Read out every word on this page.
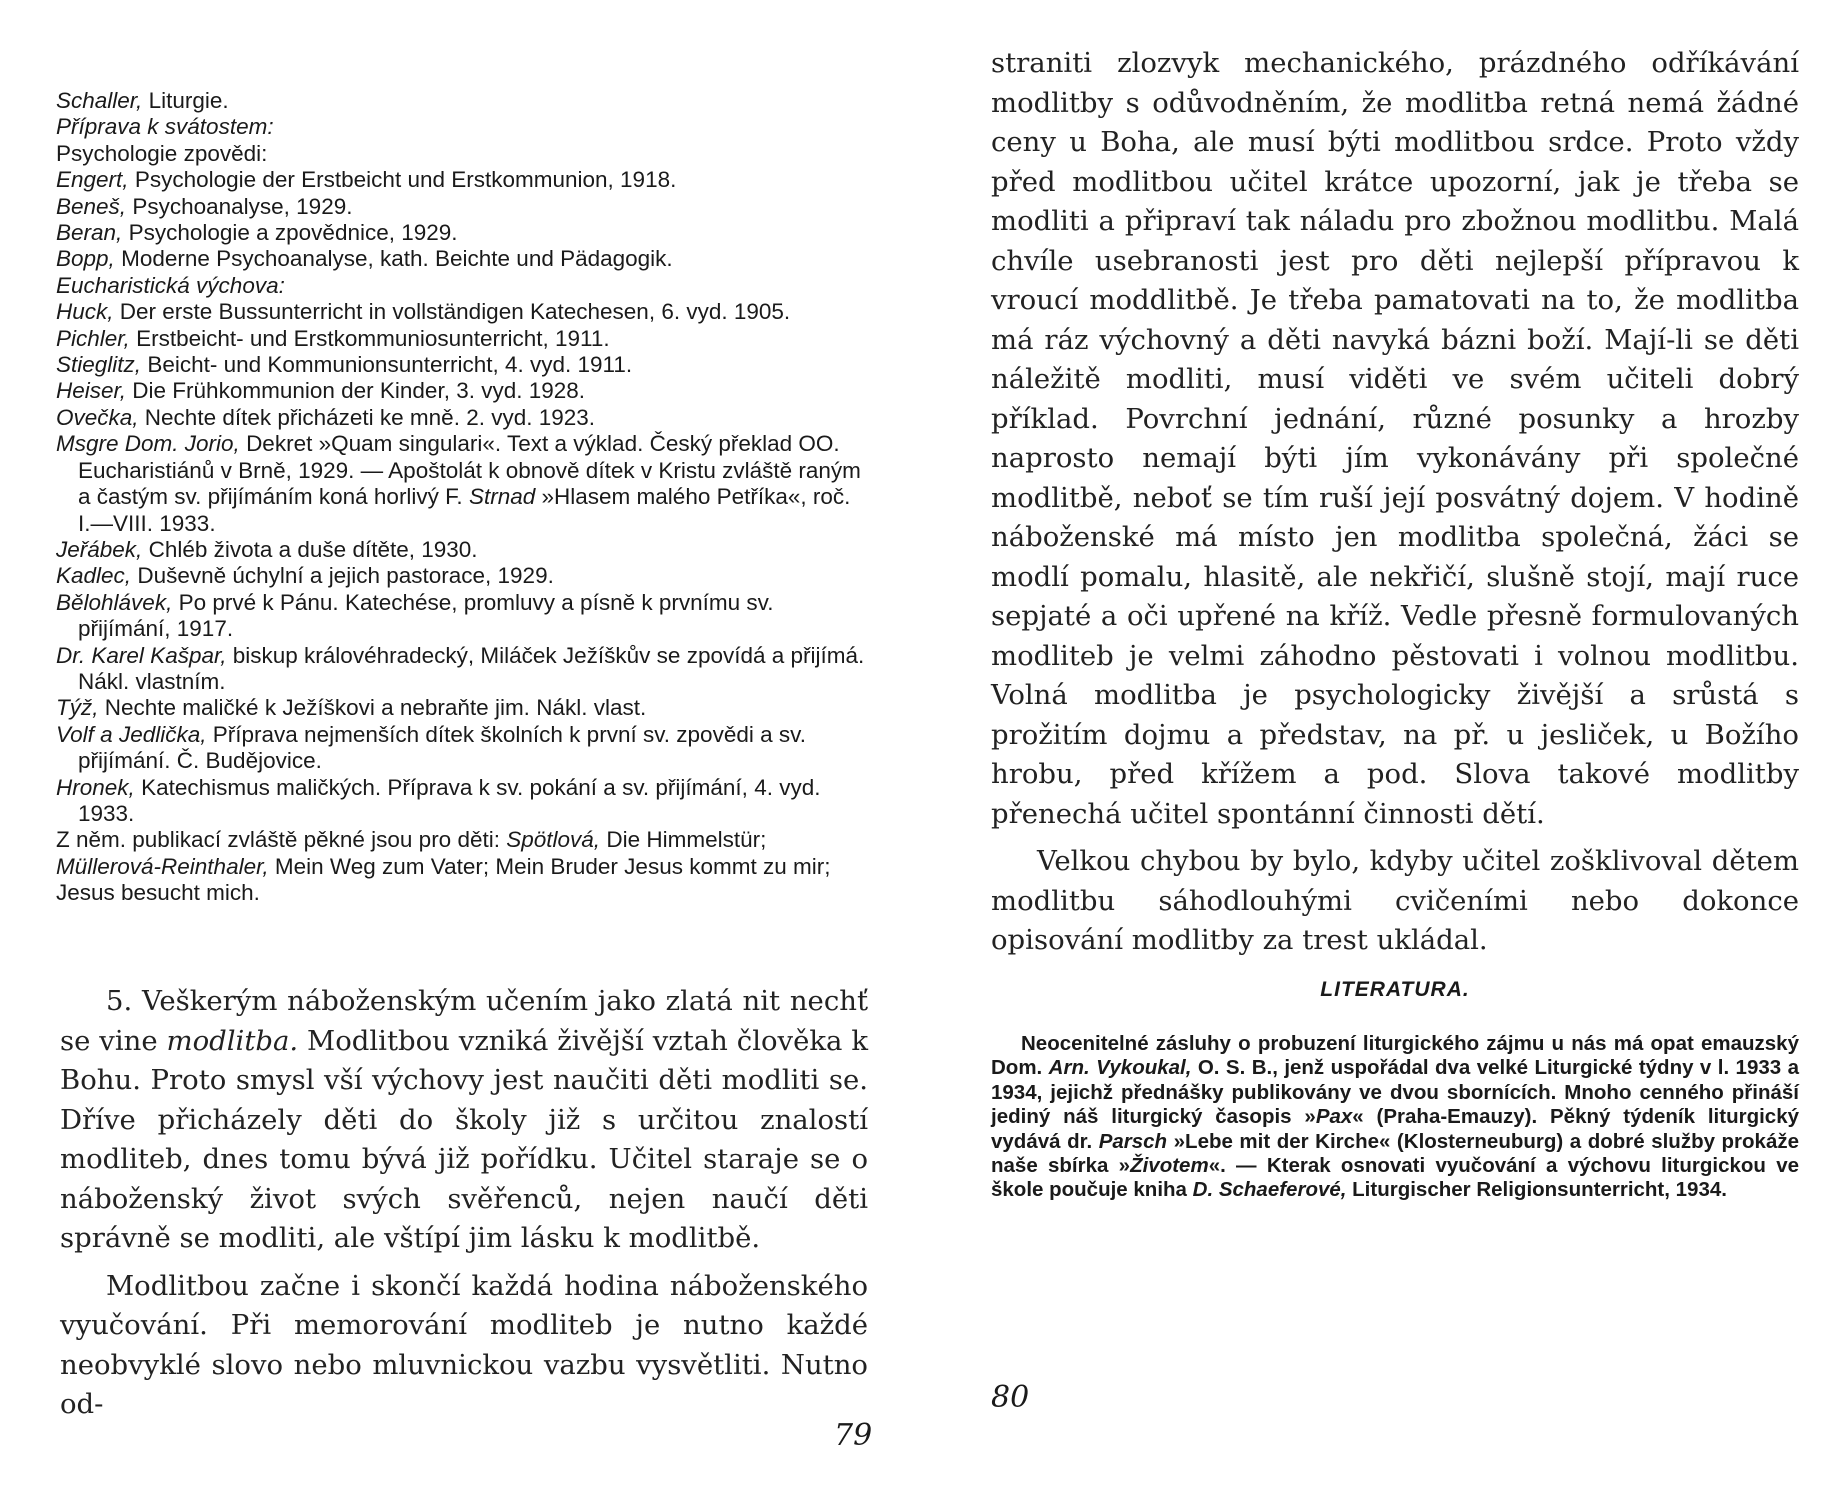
Schaller, Liturgie.

Příprava k svátostem:

Psychologie zpovědi:

Engert, Psychologie der Erstbeicht und Erstkommunion, 1918.

Beneš, Psychoanalyse, 1929.

Beran, Psychologie a zpovědnice, 1929.

Bopp, Moderne Psychoanalyse, kath. Beichte und Pädagogik.

Eucharistická výchova:

Huck, Der erste Bussunterricht in vollständigen Katechesen, 6. vyd. 1905.

Pichler, Erstbeicht- und Erstkommuniosunterricht, 1911.

Stieglitz, Beicht- und Kommunionsunterricht, 4. vyd. 1911.

Heiser, Die Frühkommunion der Kinder, 3. vyd. 1928.

Ovečka, Nechte dítek přicházeti ke mně. 2. vyd. 1923.

Msgre Dom. Jorio, Dekret »Quam singulari«. Text a výklad. Český překlad OO. Eucharistiánů v Brně, 1929. — Apoštolát k obnově dítek v Kristu zvláště raným a častým sv. přijímáním koná horlivý F. Strnad »Hlasem malého Petříka«, roč. I.—VIII. 1933.

Jeřábek, Chléb života a duše dítěte, 1930.

Kadlec, Duševně úchylní a jejich pastorace, 1929.

Bělohlávek, Po prvé k Pánu. Katechése, promluvy a písně k prvnímu sv. přijímání, 1917.

Dr. Karel Kašpar, biskup královéhradecký, Miláček Ježíškův se zpovídá a přijímá. Nákl. vlastním.

Týž, Nechte maličké k Ježíškovi a nebraňte jim. Nákl. vlast.

Volf a Jedlička, Příprava nejmenších dítek školních k první sv. zpovědi a sv. přijímání. Č. Budějovice.

Hronek, Katechismus maličkých. Příprava k sv. pokání a sv. přijímání, 4. vyd. 1933.

Z něm. publikací zvláště pěkné jsou pro děti: Spötlová, Die Himmelstür; Müllerová-Reinthaler, Mein Weg zum Vater; Mein Bruder Jesus kommt zu mir; Jesus besucht mich.

5. Veškerým náboženským učením jako zlatá nit nechť se vine modlitba. Modlitbou vzniká živější vztah člověka k Bohu. Proto smysl vší výchovy jest naučiti děti modliti se. Dříve přicházely děti do školy již s určitou znalostí modliteb, dnes tomu bývá již pořídku. Učitel staraje se o náboženský život svých svěřenců, nejen naučí děti správně se modliti, ale vštípí jim lásku k modlitbě.

Modlitbou začne i skončí každá hodina náboženského vyučování. Při memorování modliteb je nutno každé neobvyklé slovo nebo mluvnickou vazbu vysvětliti. Nutno od-

79

straniti zlozvyk mechanického, prázdného odříkávání modlitby s odůvodněním, že modlitba retná nemá žádné ceny u Boha, ale musí býti modlitbou srdce. Proto vždy před modlitbou učitel krátce upozorní, jak je třeba se modliti a připraví tak náladu pro zbožnou modlitbu. Malá chvíle usebranosti jest pro děti nejlepší přípravou k vroucí moddlitbě. Je třeba pamatovati na to, že modlitba má ráz výchovný a děti navyká bázni boží. Mají-li se děti náležitě modliti, musí viděti ve svém učiteli dobrý příklad. Povrchní jednání, různé posunky a hrozby naprosto nemají býti jím vykonávány při společné modlitbě, neboť se tím ruší její posvátný dojem. V hodině náboženské má místo jen modlitba společná, žáci se modlí pomalu, hlasitě, ale nekřičí, slušně stojí, mají ruce sepjaté a oči upřené na kříž. Vedle přesně formulovaných modliteb je velmi záhodno pěstovati i volnou modlitbu. Volná modlitba je psychologicky živější a srůstá s prožitím dojmu a představ, na př. u jesliček, u Božího hrobu, před křížem a pod. Slova takové modlitby přenechá učitel spontánní činnosti dětí.

Velkou chybou by bylo, kdyby učitel zošklivoval dětem modlitbu sáhodlouhými cvičeními nebo dokonce opisování modlitby za trest ukládal.

LITERATURA.

Neocenitelné zásluhy o probuzení liturgického zájmu u nás má opat emauzský Dom. Arn. Vykoukal, O. S. B., jenž uspořádal dva velké Liturgické týdny v l. 1933 a 1934, jejichž přednášky publikovány ve dvou sbornících. Mnoho cenného přináší jediný náš liturgický časopis »Pax« (Praha-Emauzy). Pěkný týdeník liturgický vydává dr. Parsch »Lebe mit der Kirche« (Klosterneuburg) a dobré služby prokáže naše sbírka »Životem«. — Kterak osnovati vyučování a výchovu liturgickou ve škole poučuje kniha D. Schaeferové, Liturgischer Religionsunterricht, 1934.

80
